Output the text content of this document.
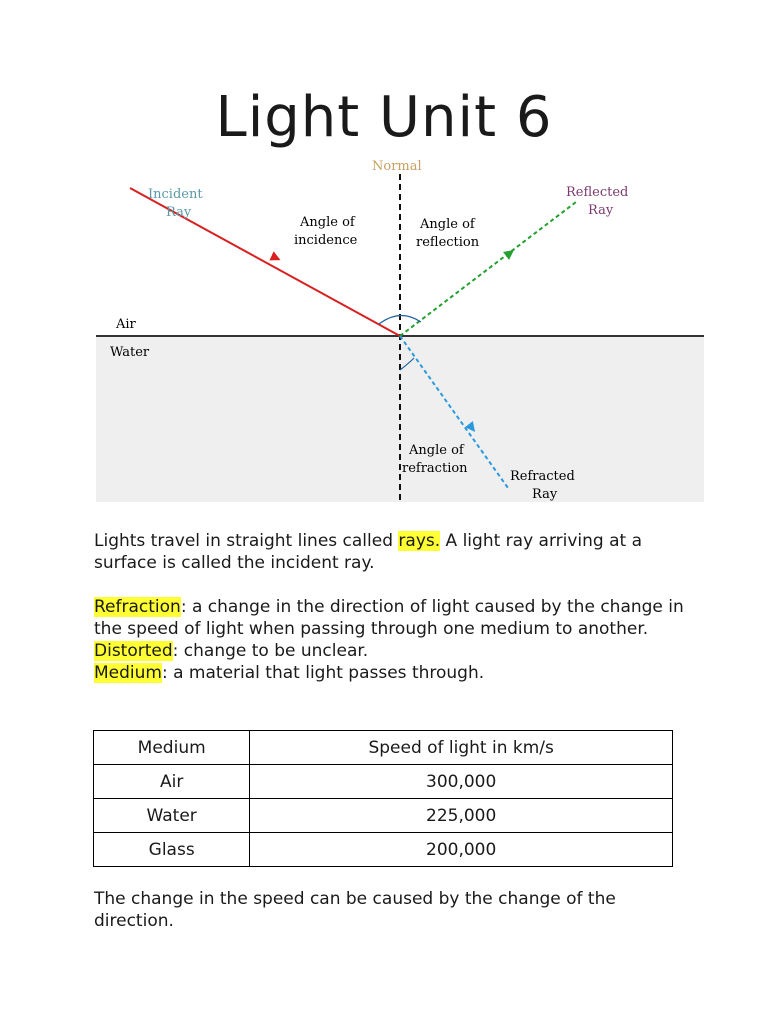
Light Unit 6
Normal
Incident
Ray
Reflected
Ray
Angle of
incidence
Angle of
reflection
Air
Water
Angle of
refraction
Refracted
Ray
Lights travel in straight lines called rays. A light ray arriving at a surface is called the incident ray.
Refraction: a change in the direction of light caused by the change in the speed of light when passing through one medium to another.
Distorted: change to be unclear.
Medium: a material that light passes through.
Medium	Speed of light in km/s
Air	300,000
Water	225,000
Glass	200,000
The change in the speed can be caused by the change of the direction.
